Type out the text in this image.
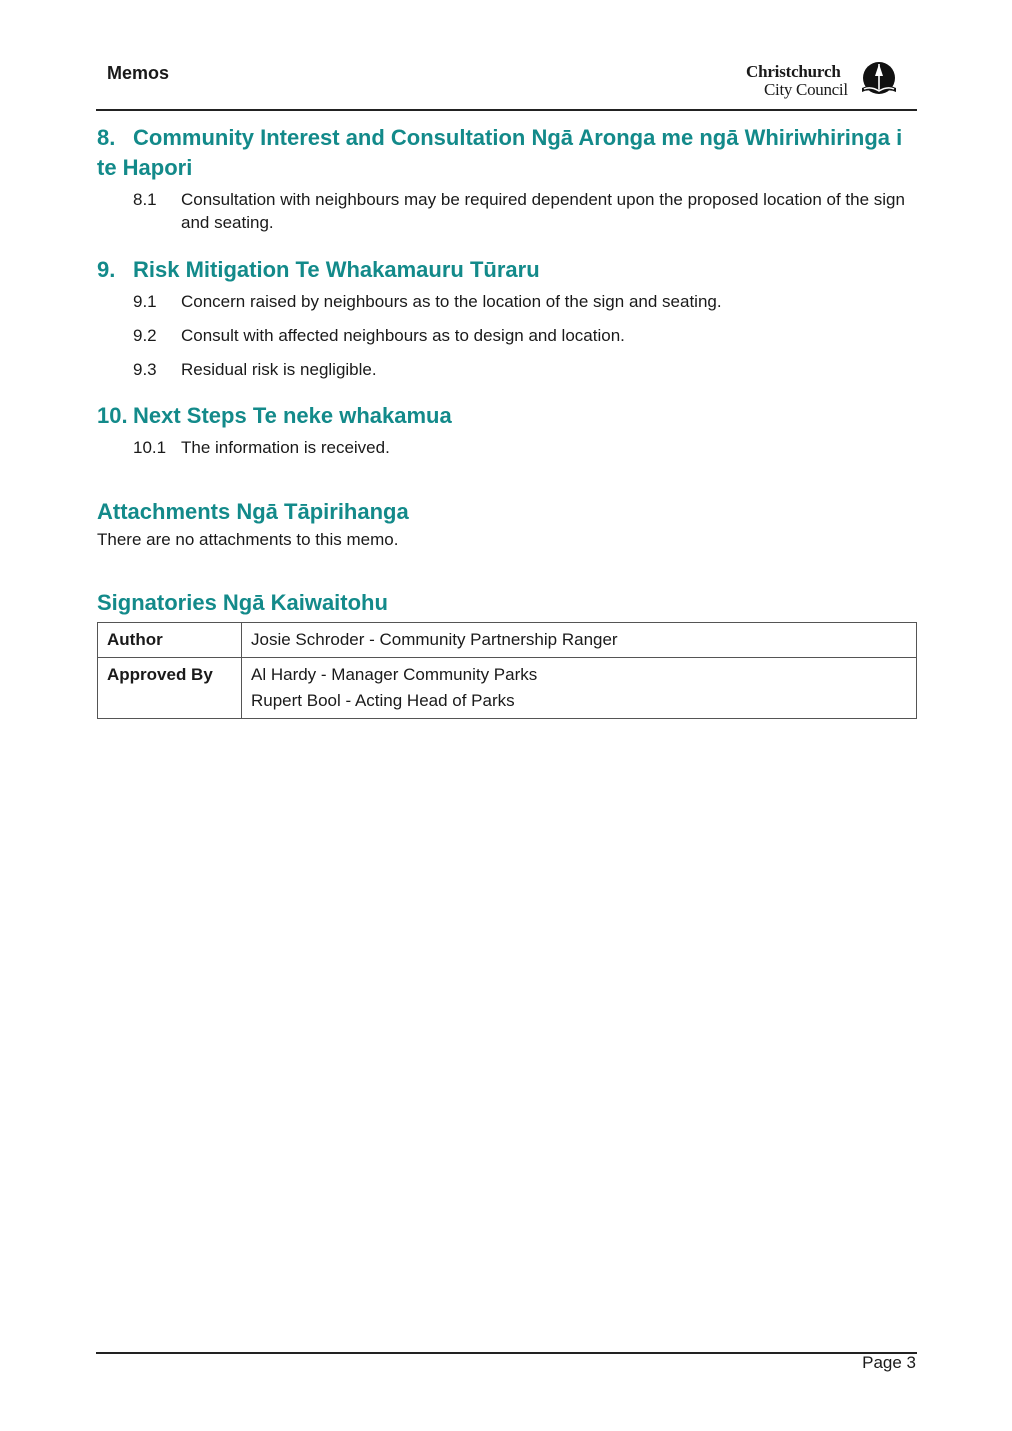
Memos	Christchurch
City Council
8. Community Interest and Consultation Ngā Aronga me ngā Whiriwhiringa i te Hapori
8.1 Consultation with neighbours may be required dependent upon the proposed location of the sign and seating.
9. Risk Mitigation Te Whakamauru Tūraru
9.1 Concern raised by neighbours as to the location of the sign and seating.
9.2 Consult with affected neighbours as to design and location.
9.3 Residual risk is negligible.
10. Next Steps Te neke whakamua
10.1 The information is received.
Attachments Ngā Tāpirihanga
There are no attachments to this memo.
Signatories Ngā Kaiwaitohu
Author	Josie Schroder - Community Partnership Ranger

Approved By	Al Hardy - Manager Community Parks
Rupert Bool - Acting Head of Parks
Page 3
